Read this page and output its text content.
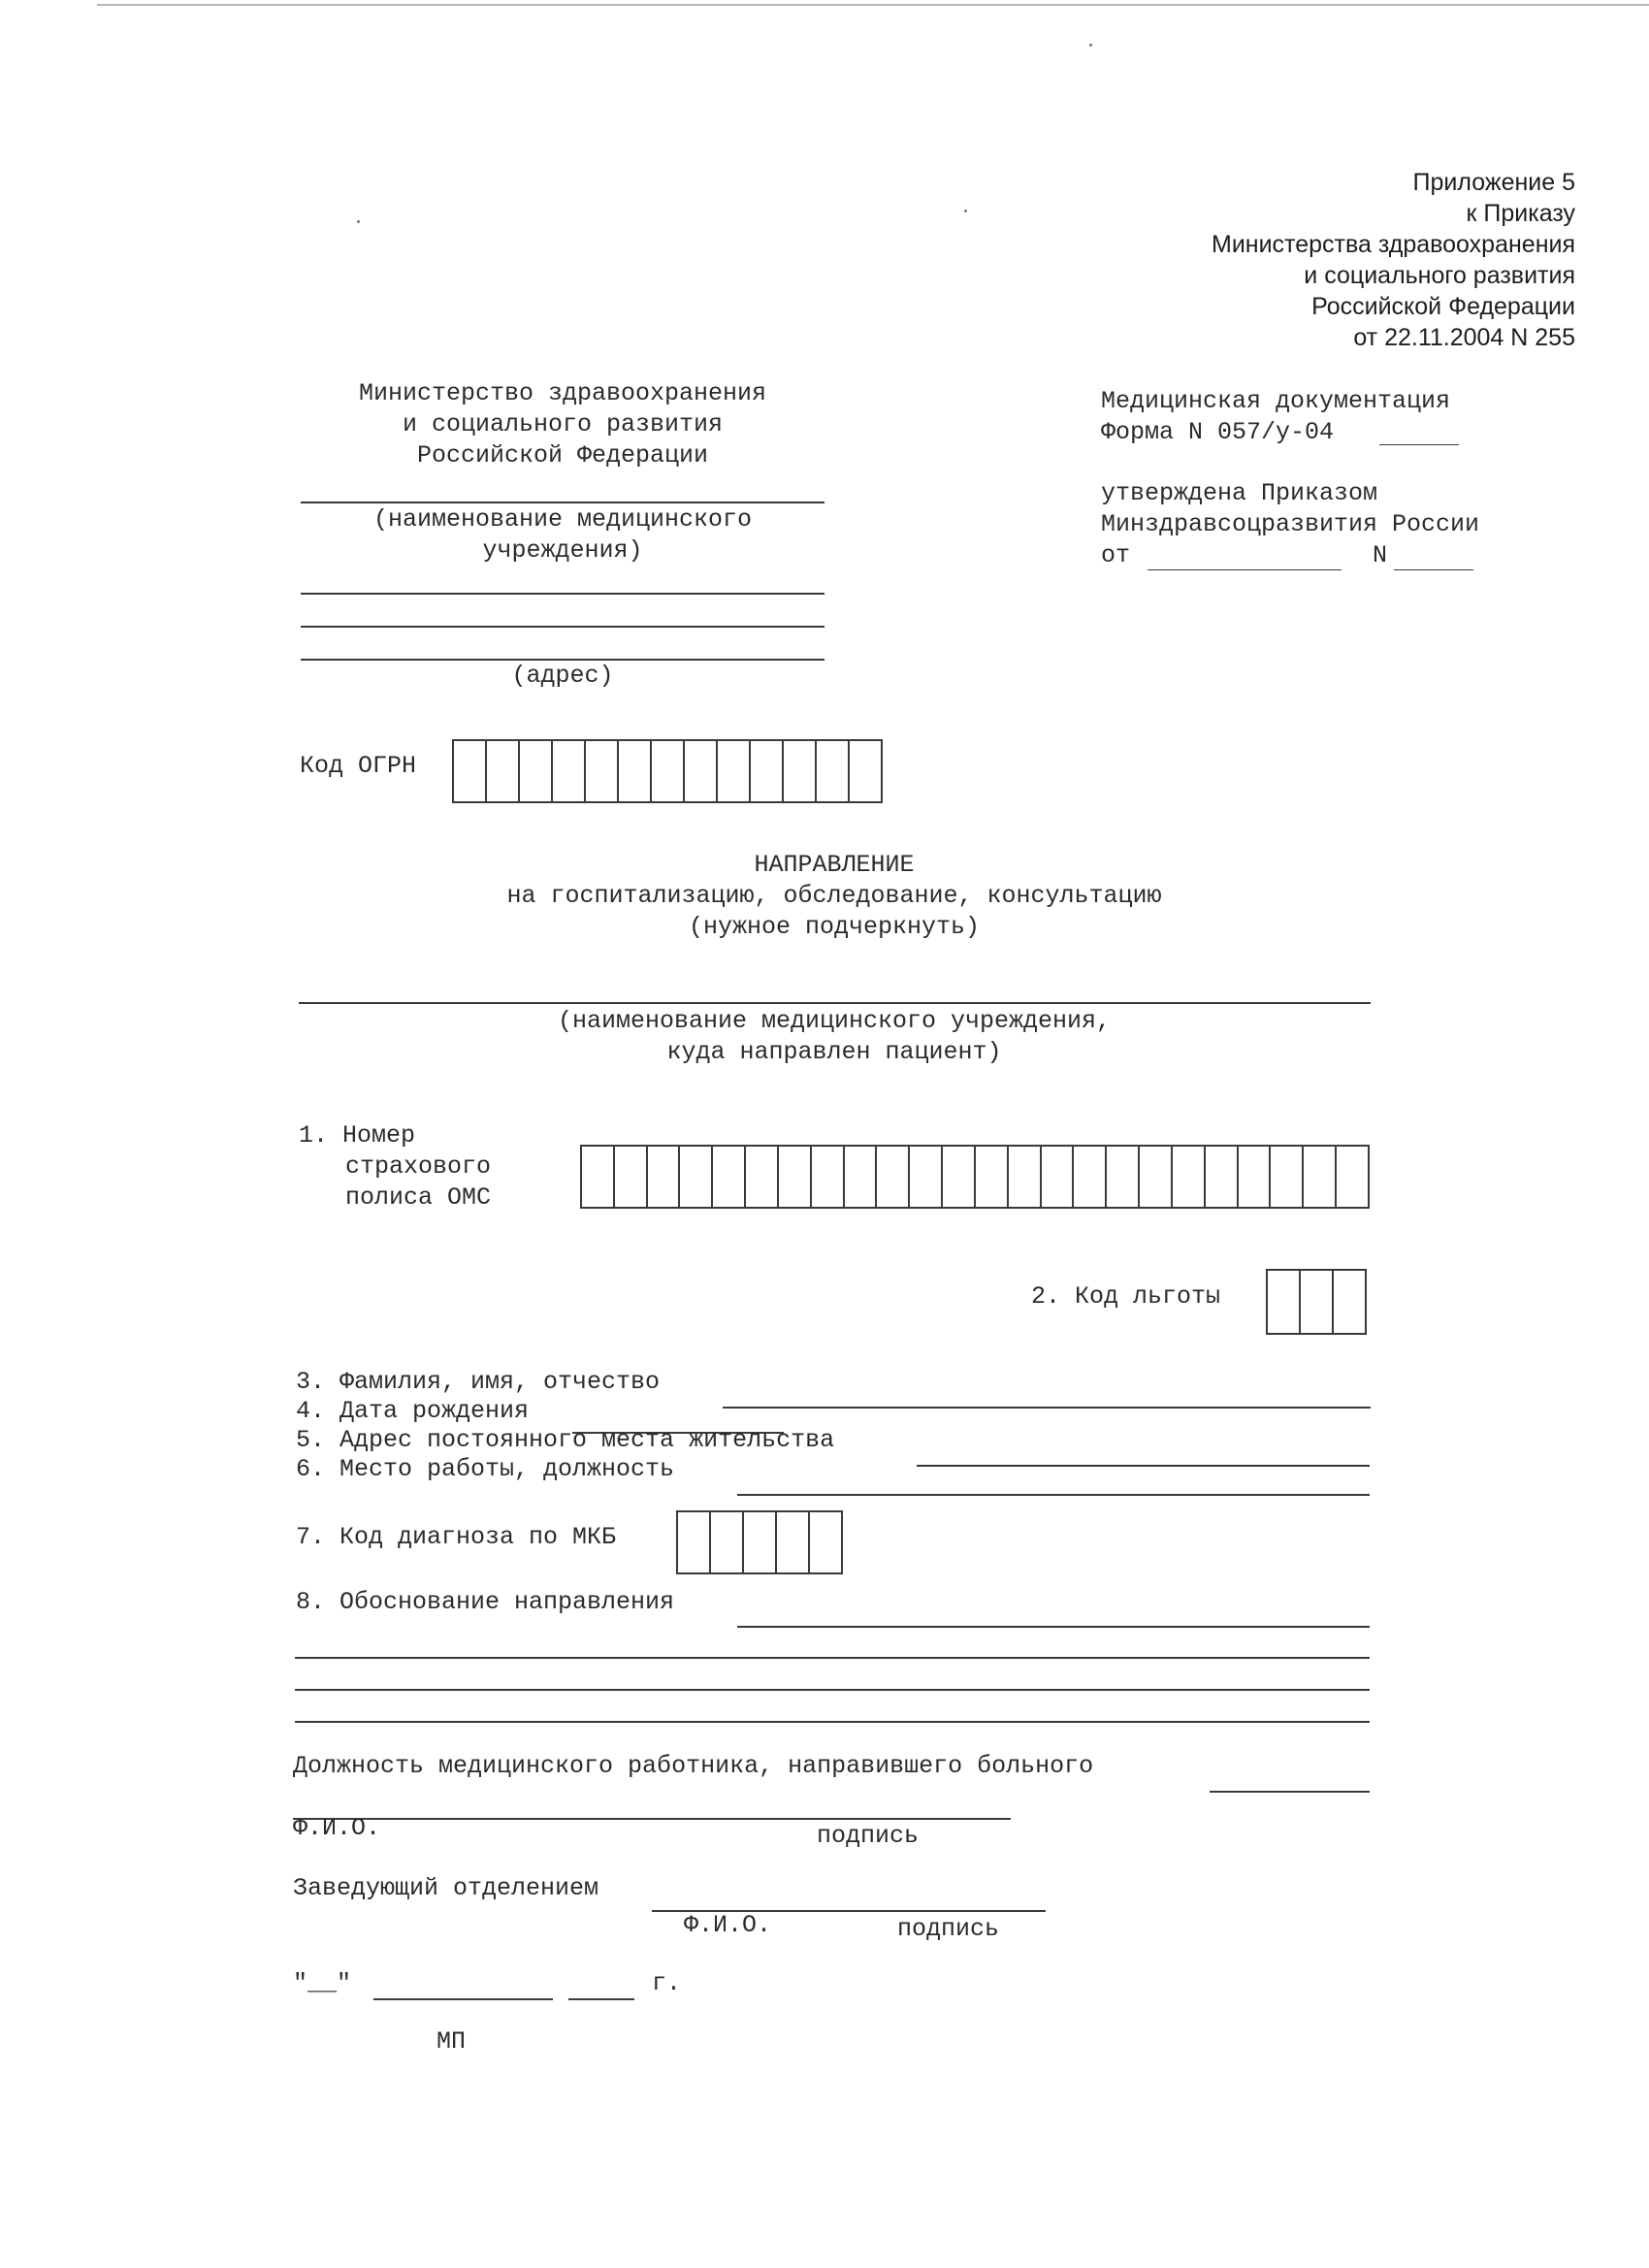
Приложение 5
к Приказу
Министерства здравоохранения
и социального развития
Российской Федерации
от 22.11.2004 N 255
Министерство здравоохранения
и социального развития
Российской Федерации
(наименование медицинского
учреждения)
(адрес)
Медицинская документация
Форма N 057/у-04
утверждена Приказом
Минздравсоцразвития России
от	N
Код ОГРН
НАПРАВЛЕНИЕ
на госпитализацию, обследование, консультацию
(нужное подчеркнуть)
(наименование медицинского учреждения,
куда направлен пациент)
1. Номер
страхового
полиса ОМС
2. Код льготы
3. Фамилия, имя, отчество
4. Дата рождения
5. Адрес постоянного места жительства
6. Место работы, должность
7. Код диагноза по МКБ
8. Обоснование направления
Должность медицинского работника, направившего больного
Ф.И.О.	подпись
Заведующий отделением
Ф.И.О.	подпись
"__"	г.
МП
